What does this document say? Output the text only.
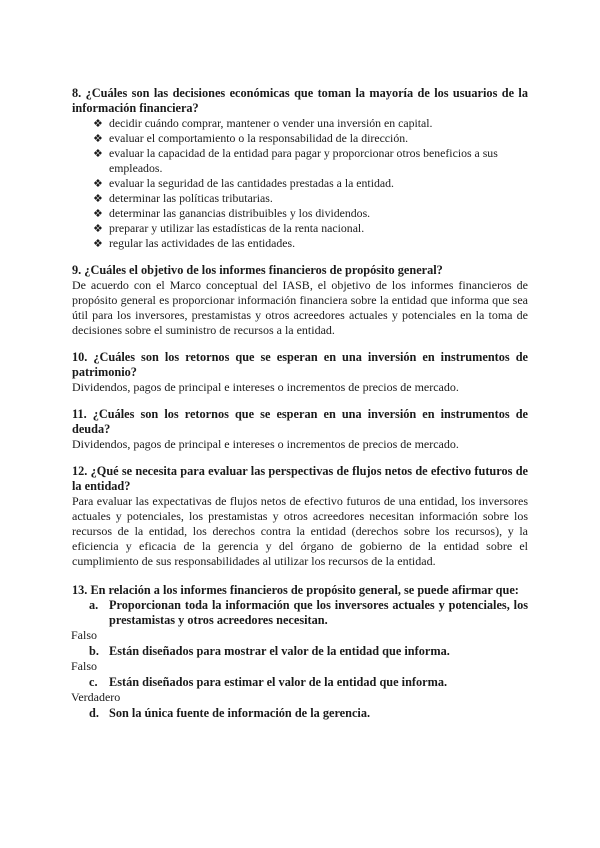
8. ¿Cuáles son las decisiones económicas que toman la mayoría de los usuarios de la información financiera?

❖ decidir cuándo comprar, mantener o vender una inversión en capital.
❖ evaluar el comportamiento o la responsabilidad de la dirección.
❖ evaluar la capacidad de la entidad para pagar y proporcionar otros beneficios a sus empleados.
❖ evaluar la seguridad de las cantidades prestadas a la entidad.
❖ determinar las políticas tributarias.
❖ determinar las ganancias distribuibles y los dividendos.
❖ preparar y utilizar las estadísticas de la renta nacional.
❖ regular las actividades de las entidades.

9. ¿Cuáles el objetivo de los informes financieros de propósito general?

De acuerdo con el Marco conceptual del IASB, el objetivo de los informes financieros de propósito general es proporcionar información financiera sobre la entidad que informa que sea útil para los inversores, prestamistas y otros acreedores actuales y potenciales en la toma de decisiones sobre el suministro de recursos a la entidad.

10. ¿Cuáles son los retornos que se esperan en una inversión en instrumentos de patrimonio?

Dividendos, pagos de principal e intereses o incrementos de precios de mercado.

11. ¿Cuáles son los retornos que se esperan en una inversión en instrumentos de deuda?

Dividendos, pagos de principal e intereses o incrementos de precios de mercado.

12. ¿Qué se necesita para evaluar las perspectivas de flujos netos de efectivo futuros de la entidad?

Para evaluar las expectativas de flujos netos de efectivo futuros de una entidad, los inversores actuales y potenciales, los prestamistas y otros acreedores necesitan información sobre los recursos de la entidad, los derechos contra la entidad (derechos sobre los recursos), y la eficiencia y eficacia de la gerencia y del órgano de gobierno de la entidad sobre el cumplimiento de sus responsabilidades al utilizar los recursos de la entidad.

13. En relación a los informes financieros de propósito general, se puede afirmar que:

a. Proporcionan toda la información que los inversores actuales y potenciales, los prestamistas y otros acreedores necesitan.

Falso

b. Están diseñados para mostrar el valor de la entidad que informa.

Falso

c. Están diseñados para estimar el valor de la entidad que informa.

Verdadero

d. Son la única fuente de información de la gerencia.
